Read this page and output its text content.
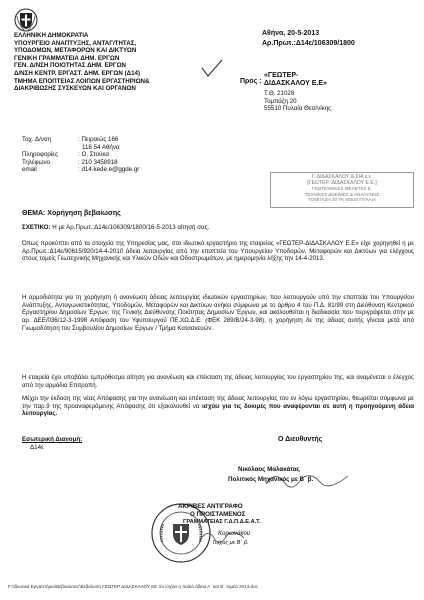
ΕΛΛΗΝΙΚΗ ΔΗΜΟΚΡΑΤΙΑ
ΥΠΟΥΡΓΕΙΟ ΑΝΑΠΤΥΞΗΣ, ΑΝΤΑΓ/ΤΗΤΑΣ,
ΥΠΟΔΟΜΩΝ, ΜΕΤΑΦΟΡΩΝ ΚΑΙ ΔΙΚΤΥΩΝ
ΓΕΝΙΚΗ ΓΡΑΜΜΑΤΕΙΑ ΔΗΜ. ΕΡΓΩΝ
ΓΕΝ. Δ/ΝΣΗ ΠΟΙΟΤΗΤΑΣ ΔΗΜ. ΕΡΓΩΝ
Δ/ΝΣΗ ΚΕΝΤΡ. ΕΡΓΑΣΤ. ΔΗΜ. ΕΡΓΩΝ (Δ14)
ΤΜΗΜΑ ΕΠΟΠΤΕΙΑΣ ΛΟΙΠΩΝ ΕΡΓΑΣΤΗΡΙΩΝ&
ΔΙΑΚΡΙΒΩΣΗΣ ΣΥΣΚΕΥΩΝ ΚΑΙ ΟΡΓΑΝΩΝ
Αθήνα, 20-5-2013
Αρ.Πρωτ.:Δ14ε/106309/1800
Προς :
«ΓΕΩΤΕΡ-
ΔΙΔΑΣΚΑΛΟΥ Ε.Ε»
Τ.Θ. 21028
Τομπάζη 20
55510 Πυλαία Θεσ/νίκης
Ταχ. Δ/νση	: Πειραιώς 166
118 54 Αθήνα
Πληροφορίες	: Ο. Στούκα
Τηλέφωνο	: 210 3458918
email	: d14.kede.e@ggde.gr
Γ. ΔΙΔΑΣΚΑΛΟΥ & ΣΙΑ ε.ε.
[ΓΕΩΤΕΡ.-ΔΙΔΑΣΚΑΛΟΥ Ε.Ε.]
ΓΕΩΤΕΧΝΙΚΕΣ ΜΕΛΕΤΕΣ Ε.
ΤΕΧΝΙΚΕΣ ΔΟΚΙΜΕΣ & ΑΝΑΛΥΣΕΙΣ
ΤΟΜΠΑΖΗ 20 ΤΚ 55510 ΠΥΛΑΙΑ
ΘΕΜΑ: Χορήγηση βεβαίωσης
ΣΧΕΤΙΚΟ: Η με Αρ.Πρωτ.:Δ14ε/106309/1800/16-5-2013 αίτησή σας.
Όπως προκύπτει από τα στοιχεία της Υπηρεσίας μας, στο ιδιωτικό εργαστήριο της εταιρείας «ΓΕΩΤΕΡ-ΔΙΔΑΣΚΑΛΟΥ Ε.Ε» είχε χορηγηθεί η με Αρ.Πρωτ.:Δ14ε/90615/920/14-4-2010 άδεια λειτουργίας από την εποπτεία του Υπουργείου Υποδομών, Μεταφορών και Δικτύων για ελέγχους στους τομείς Γεωτεχνικής Μηχανικής και Υλικών Οδών και Οδοστρωμάτων, με ημερομηνία λήξης την 14-4-2013.
Η αρμοδιότητα για τη χορήγηση ή ανανέωση άδειας λειτουργίας ιδιωτικών εργαστηρίων, που λειτουργούν υπό την εποπτεία του Υπουργείου Ανάπτυξης, Ανταγωνιστικότητας, Υποδομών, Μεταφορών και Δικτύων ανήκει σύμφωνα με το άρθρο 4 του Π.Δ. 81/99 στη Διεύθυνση Κεντρικού Εργαστηρίου Δημοσίων Έργων, της Γενικής Διεύθυνσης Ποιότητας Δημοσίων Έργων, και ακολουθείται η διαδικασία που περιγράφεται στην με αρ. ΔΕΕ/036/12-3-1998 Απόφαση του Υφυπουργού ΠΕ.ΧΩ.Δ.Ε. (ΦΕΚ 289/Β/24-3-98), η χορήγηση δε της άδειας αυτής γίνεται μετά από Γνωμοδότηση του Συμβουλίου Δημοσίων Έργων / Τμήμα Κατασκευών.
Η εταιρεία έχει υποβάλει εμπρόθεσμα αίτηση για ανανέωση και επέκταση της άδειας λειτουργίας του εργαστηρίου της, και αναμένεται ο έλεγχος από την αρμόδια Επιτροπή.
Μέχρι την έκδοση της νέας Απόφασης για την ανανέωση και επέκταση της άδειας λειτουργίας του εν λόγω εργαστηρίου, θεωρείται σύμφωνα με την παρ.9 της προαναφερόμενης Απόφασης ότι εξακολουθεί να ισχύει για τις δοκιμές που αναφέρονται σε αυτή η προηγούμενη άδεια λειτουργίας.
Εσωτερική Διανομή:
Δ14ε
Ο Διευθυντής
Νικόλαος Μαλακάτας
Πολιτικός Μηχανικός με Β΄ β.
ΑΚΡΙΒΕΣ ΑΝΤΙΓΡΑΦΟ
Ο ΠΡΟΙΣΤΑΜΕΝΟΣ
ΓΡΑΜΜΑΤΕΙΑΣ Γ.Δ.Π.Δ.Ε.Α.Τ.
Κορωνάκου
Τοίχος με Β΄ β.
F:\Ιδιωτικά Εργαστήρια\Βεβαιώσεις\Βεβαίωση ΓΕΩΤΕΡ ΔΙΔΑΣΚΑΛΟΥ ΕΕ ότι ισχύει η παλιά άδεια Α΄ και Β΄ τομέα 2013.doc
